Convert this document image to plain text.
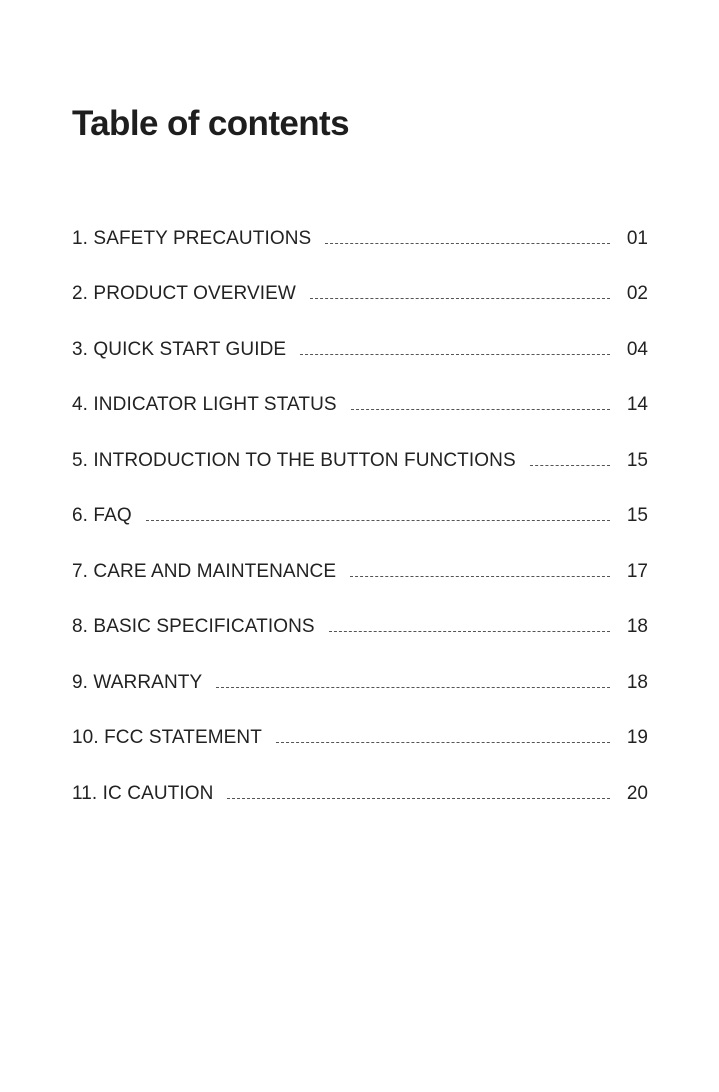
Table of contents
1. SAFETY PRECAUTIONS	01
2. PRODUCT OVERVIEW	02
3. QUICK START GUIDE	04
4. INDICATOR LIGHT STATUS	14
5. INTRODUCTION TO THE BUTTON FUNCTIONS	15
6. FAQ	15
7. CARE AND MAINTENANCE	17
8. BASIC SPECIFICATIONS	18
9. WARRANTY	18
10. FCC STATEMENT	19
11. IC CAUTION	20
